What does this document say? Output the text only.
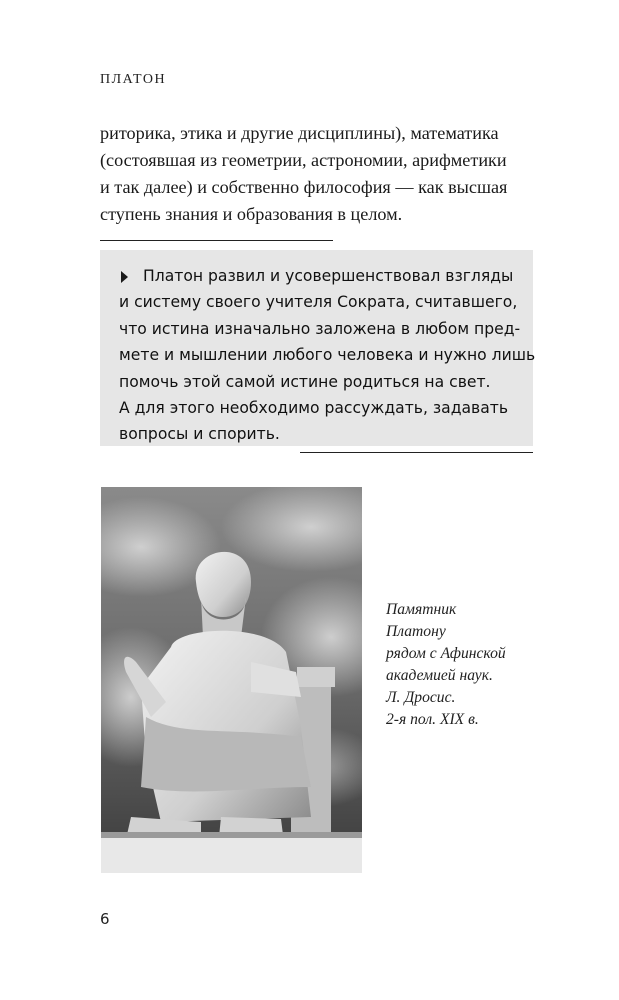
ПЛАТОН
риторика, этика и другие дисциплины), математика
(состоявшая из геометрии, астрономии, арифметики
и так далее) и собственно философия — как высшая
ступень знания и образования в целом.
Платон развил и усовершенствовал взгляды
и систему своего учителя Сократа, считавшего,
что истина изначально заложена в любом пред-
мете и мышлении любого человека и нужно лишь
помочь этой самой истине родиться на свет.
А для этого необходимо рассуждать, задавать
вопросы и спорить.
Памятник
Платону
рядом с Афинской
академией наук.
Л. Дросис.
2-я пол. XIX в.
6
